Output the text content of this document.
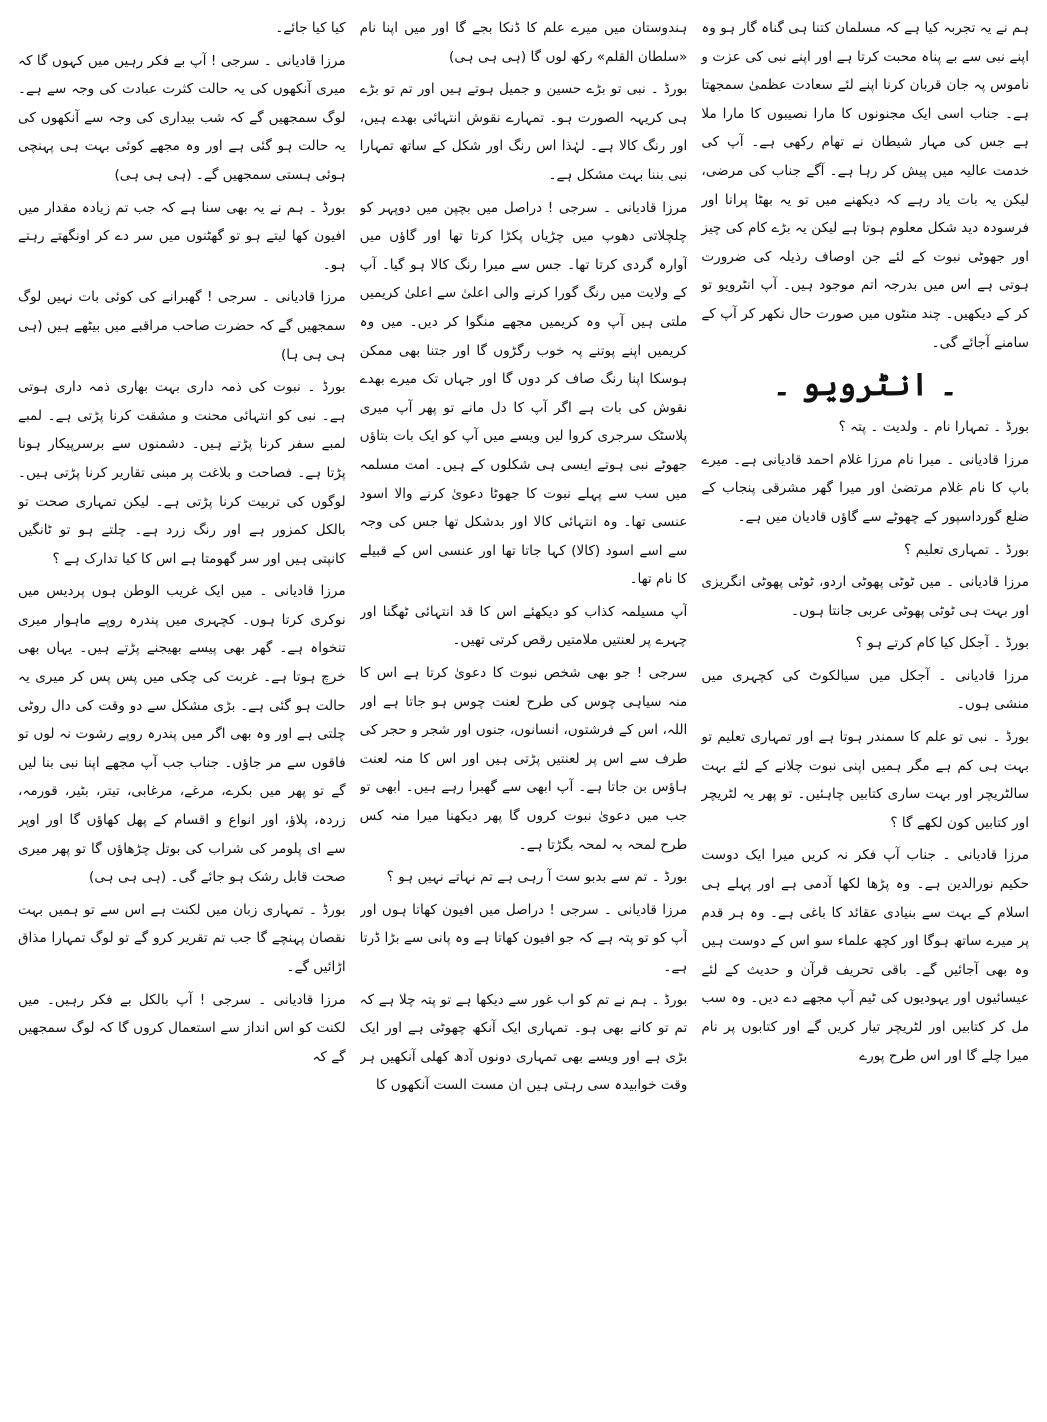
ہم نے یہ تجربہ کیا ہے کہ مسلمان کتنا ہی گناہ گار ہو وہ اپنے نبی سے بے پناہ محبت کرتا ہے اور اپنے نبی کی عزت و ناموس پہ جان قربان کرنا اپنے لئے سعادت عظمیٰ سمجھتا ہے۔ جناب اسی ایک مجنونوں کا مارا نصیبوں کا مارا ملا ہے جس کی مہار شیطان نے تھام رکھی ہے۔ آپ کی خدمت عالیہ میں پیش کر رہا ہے۔ آگے جناب کی مرضی، لیکن یہ بات یاد رہے کہ دیکھنے میں تو یہ بھٹا پرانا اور فرسودہ دید شکل معلوم ہوتا ہے لیکن یہ بڑے کام کی چیز اور جھوٹی نبوت کے لئے جن اوصاف رذیلہ کی ضرورت ہوتی ہے اس میں بدرجہ اتم موجود ہیں۔ آپ انٹرویو تو کر کے دیکھیں۔ چند منٹوں میں صورت حال نکھر کر آپ کے سامنے آجائے گی۔

۔ انٹرویو ۔

بورڈ ۔ تمہارا نام ۔ ولدیت ۔ پتہ ؟

مرزا قادیانی ۔ میرا نام مرزا غلام احمد قادیانی ہے۔ میرے باپ کا نام غلام مرتضیٰ اور میرا گھر مشرقی پنجاب کے ضلع گورداسپور کے چھوٹے سے گاؤں قادیان میں ہے۔

بورڈ ۔ تمہاری تعلیم ؟

مرزا قادیانی ۔ میں ٹوٹی پھوٹی اردو، ٹوٹی پھوٹی انگریزی اور بہت ہی ٹوٹی پھوٹی عربی جانتا ہوں۔

بورڈ ۔ آجکل کیا کام کرتے ہو ؟

مرزا قادیانی ۔ آجکل میں سیالکوٹ کی کچہری میں منشی ہوں۔

بورڈ ۔ نبی تو علم کا سمندر ہوتا ہے اور تمہاری تعلیم تو بہت ہی کم ہے مگر ہمیں اپنی نبوت چلانے کے لئے بہت سالٹریچر اور بہت ساری کتابیں چاہئیں۔ تو پھر یہ لٹریچر اور کتابیں کون لکھے گا ؟

مرزا قادیانی ۔ جناب آپ فکر نہ کریں میرا ایک دوست حکیم نورالدین ہے۔ وہ پڑھا لکھا آدمی ہے اور پہلے ہی اسلام کے بہت سے بنیادی عقائد کا باغی ہے۔ وہ ہر قدم پر میرے ساتھ ہوگا اور کچھ علماء سو اس کے دوست ہیں وہ بھی آجائیں گے۔ باقی تحریف قرآن و حدیث کے لئے عیسائیوں اور یہودیوں کی ٹیم آپ مجھے دے دیں۔ وہ سب مل کر کتابیں اور لٹریچر تیار کریں گے اور کتابوں پر نام میرا چلے گا اور اس طرح پورے

ہندوستان میں میرے علم کا ڈنکا بجے گا اور میں اپنا نام «سلطان القلم» رکھ لوں گا (ہی ہی ہی)

بورڈ ۔ نبی تو بڑے حسین و جمیل ہوتے ہیں اور تم تو بڑے ہی کریہہ الصورت ہو۔ تمہارے نقوش انتہائی بھدے ہیں، اور رنگ کالا ہے۔ لہٰذا اس رنگ اور شکل کے ساتھ تمہارا نبی بننا بہت مشکل ہے۔

مرزا قادیانی ۔ سرجی ! دراصل میں بچپن میں دوپہر کو چلچلاتی دھوپ میں چڑیاں پکڑا کرتا تھا اور گاؤں میں آوارہ گردی کرتا تھا۔ جس سے میرا رنگ کالا ہو گیا۔ آپ کے ولایت میں رنگ گورا کرنے والی اعلیٰ سے اعلیٰ کریمیں ملتی ہیں آپ وہ کریمیں مجھے منگوا کر دیں۔ میں وہ کریمیں اپنے پوتنے پہ خوب رگڑوں گا اور جتنا بھی ممکن ہوسکا اپنا رنگ صاف کر دوں گا اور جہاں تک میرے بھدے نقوش کی بات ہے اگر آپ کا دل مانے تو پھر آپ میری پلاسٹک سرجری کروا لیں ویسے میں آپ کو ایک بات بتاؤں جھوٹے نبی ہوتے ایسی ہی شکلوں کے ہیں۔ امت مسلمہ میں سب سے پہلے نبوت کا جھوٹا دعویٰ کرنے والا اسود عنسی تھا۔ وہ انتہائی کالا اور بدشکل تھا جس کی وجہ سے اسے اسود (کالا) کہا جاتا تھا اور عنسی اس کے قبیلے کا نام تھا۔

آپ مسیلمہ کذاب کو دیکھئے اس کا قد انتہائی ٹھگنا اور چہرے پر لعنتیں ملامتیں رقص کرتی تھیں۔

سرجی ! جو بھی شخص نبوت کا دعویٰ کرتا ہے اس کا منہ سیاہی چوس کی طرح لعنت چوس ہو جاتا ہے اور اللہ، اس کے فرشتوں، انسانوں، جنوں اور شجر و حجر کی طرف سے اس پر لعنتیں پڑتی ہیں اور اس کا منہ لعنت ہاؤس بن جاتا ہے۔ آپ ابھی سے گھبرا رہے ہیں۔ ابھی تو جب میں دعویٰ نبوت کروں گا پھر دیکھنا میرا منہ کس طرح لمحہ بہ لمحہ بگڑتا ہے۔

بورڈ ۔ تم سے بدبو ست آ رہی ہے تم نہاتے نہیں ہو ؟

مرزا قادیانی ۔ سرجی ! دراصل میں افیون کھاتا ہوں اور آپ کو تو پتہ ہے کہ جو افیون کھاتا ہے وہ پانی سے بڑا ڈرتا ہے۔

بورڈ ۔ ہم نے تم کو اب غور سے دیکھا ہے تو پتہ چلا ہے کہ تم تو کانے بھی ہو۔ تمہاری ایک آنکھ چھوٹی ہے اور ایک بڑی ہے اور ویسے بھی تمہاری دونوں آدھ کھلی آنکھیں ہر وقت خوابیدہ سی رہتی ہیں ان مست الست آنکھوں کا

کیا کیا جائے۔

مرزا قادیانی ۔ سرجی ! آپ بے فکر رہیں میں کہوں گا کہ میری آنکھوں کی یہ حالت کثرت عبادت کی وجہ سے ہے۔ لوگ سمجھیں گے کہ شب بیداری کی وجہ سے آنکھوں کی یہ حالت ہو گئی ہے اور وہ مجھے کوئی بہت ہی پہنچی ہوئی ہستی سمجھیں گے۔ (ہی ہی ہی)

بورڈ ۔ ہم نے یہ بھی سنا ہے کہ جب تم زیادہ مقدار میں افیون کھا لیتے ہو تو گھٹنوں میں سر دے کر اونگھتے رہتے ہو۔

مرزا قادیانی ۔ سرجی ! گھبرانے کی کوئی بات نہیں لوگ سمجھیں گے کہ حضرت صاحب مراقبے میں بیٹھے ہیں (ہی ہی ہی ہا)

بورڈ ۔ نبوت کی ذمہ داری بہت بھاری ذمہ داری ہوتی ہے۔ نبی کو انتہائی محنت و مشقت کرنا پڑتی ہے۔ لمبے لمبے سفر کرنا پڑتے ہیں۔ دشمنوں سے برسرپیکار ہونا پڑتا ہے۔ فصاحت و بلاغت پر مبنی تقاریر کرنا پڑتی ہیں۔ لوگوں کی تربیت کرنا پڑتی ہے۔ لیکن تمہاری صحت تو بالکل کمزور ہے اور رنگ زرد ہے۔ چلتے ہو تو ٹانگیں کانپتی ہیں اور سر گھومتا ہے اس کا کیا تدارک ہے ؟

مرزا قادیانی ۔ میں ایک غریب الوطن ہوں پردیس میں نوکری کرتا ہوں۔ کچہری میں پندرہ روپے ماہوار میری تنخواہ ہے۔ گھر بھی پیسے بھیجنے پڑتے ہیں۔ یہاں بھی خرچ ہوتا ہے۔ غربت کی چکی میں پس پس کر میری یہ حالت ہو گئی ہے۔ بڑی مشکل سے دو وقت کی دال روٹی چلتی ہے اور وہ بھی اگر میں پندرہ روپے رشوت نہ لوں تو فاقوں سے مر جاؤں۔ جناب جب آپ مجھے اپنا نبی بنا لیں گے تو پھر میں بکرے، مرغے، مرغابی، تیتر، بٹیر، قورمہ، زردہ، پلاؤ، اور انواع و اقسام کے پھل کھاؤں گا اور اوپر سے ای پلومر کی شراب کی بوتل چڑھاؤں گا تو پھر میری صحت قابل رشک ہو جائے گی۔ (ہی ہی ہی)

بورڈ ۔ تمہاری زبان میں لکنت ہے اس سے تو ہمیں بہت نقصان پہنچے گا جب تم تقریر کرو گے تو لوگ تمہارا مذاق اڑائیں گے۔

مرزا قادیانی ۔ سرجی ! آپ بالکل بے فکر رہیں۔ میں لکنت کو اس انداز سے استعمال کروں گا کہ لوگ سمجھیں گے کہ
